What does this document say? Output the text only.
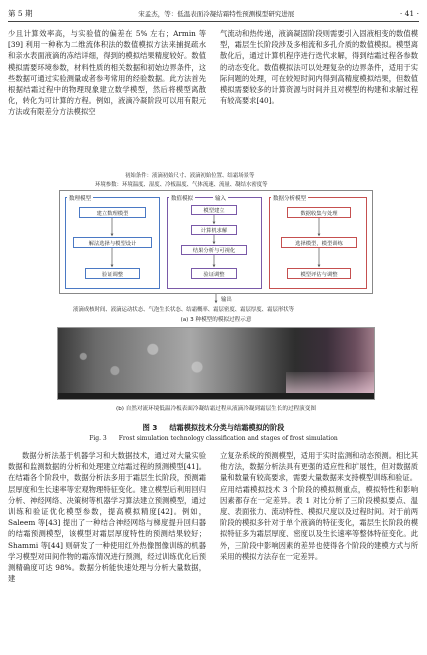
第 5 期	宋孟杰，等：低温表面冷凝结霜特性预测模型研究进展	· 41 ·
少且计算效率高，与实验值的偏差在 5% 左右；Armin 等[39] 利用一种称为二维流体积法的数值模拟方法来捕捉疏水和亲水表面液滴的冻结详细，得到的模拟结果精度较好。数值模拟需要环境参数，材料性质的相关数据和初始边界条件，这些数据可通过实验测量或者参考常用的经验数据。此方法首先根据结霜过程中的物理现象建立数学模型，然后将模型离散化，转化为可计算的方程。例如，液滴冷凝阶段可以用有限元方法或有限差分方法模拟空
气流动和热传递，液滴凝固阶段则需要引入固液相变的数值模型，霜层生长阶段涉及多相流和多孔介质的数值模拟。模型离散化后，通过计算机程序进行迭代求解，得到结霜过程各参数的动态变化。数值模拟法可以处理复杂的边界条件，适用于实际问题的处理，可在较短时间内得到高精度模拟结果，但数值模拟需要较多的计算资源与时间并且对模型的构建和求解过程有较高要求[40]。
初始条件：液滴初始尺寸、液滴初始位置、结霜场景等
环境参数：环境温度、湿度、冷板温度、气体流速、流量、凝结水密度等
数理模型
建立数理模型
解法选择与模型设计
验证调整
数值模拟	输入
模型建立
计算机求解
结果分析与可视化
验证调整
数据分析模型
数据收集与处理
选择模型，模型训练
模型评估与调整
输出
液滴成核时间、液滴运动状态、气泡生长状态、结霜概率、霜层密度、霜层厚度、霜层形状等
(a) 3 种模型的模拟过程示意
(b) 自然对流环境低温冷板表面冷凝结霜过程从液滴冷凝到霜层生长的过程演变图
图 3 结霜模拟技术分类与结霜模拟的阶段
Fig. 3 Frost simulation technology classification and stages of frost simulation
数据分析法基于机器学习和大数据技术，通过对大量实验数据和监测数据的分析和处理建立结霜过程的预测模型[41]。在结霜各个阶段中，数据分析法多用于霜层生长阶段，预测霜层厚度和生长速率等宏观物理特征变化。建立模型后利用回归分析、神经网络、决策树等机器学习算法建立预测模型，通过训练和验证优化模型参数，提高模拟精度[42]。例如，Saleem 等[43] 提出了一种结合神经网络与梯度提升回归器的结霜预测模型，该模型对霜层厚度特性的预测结果较好；Shammi 等[44] 则研发了一种使用红外热像图像训练的机器学习模型对田间作物的霜冻情况进行预测，经过训练优化后预测精确度可达 98%。数据分析能快速处理与分析大量数据，建
立复杂系统的预测模型，适用于实时监测和动态预测。相比其他方法，数据分析法具有更强的适应性和扩展性，但对数据质量和数量有较高要求，需要大量数据来支持模型训练和验证。
应用结霜模拟技术 3 个阶段的模拟侧重点，模拟特性和影响因素都存在一定差异。表 1 对比分析了三阶段模拟要点、温度、表面张力、流动特性、模拟尺度以及过程时间。对于前两阶段的模拟多针对于单个液滴的特征变化，霜层生长阶段的模拟特征多为霜层厚度、密度以及生长速率等整体特征变化。此外，三阶段中影响因素的差异也使得各个阶段的建模方式与所采用的模拟方法存在一定差异。
